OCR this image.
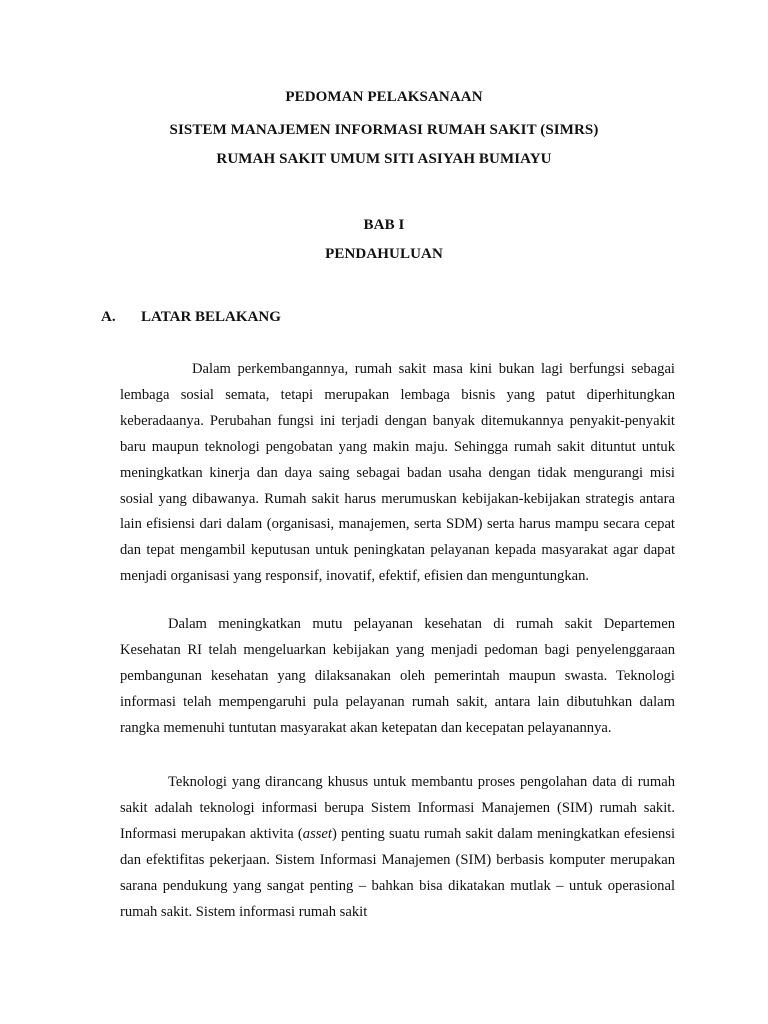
PEDOMAN PELAKSANAAN
SISTEM MANAJEMEN INFORMASI RUMAH SAKIT (SIMRS)
RUMAH SAKIT UMUM SITI ASIYAH BUMIAYU
BAB I
PENDAHULUAN
A. LATAR BELAKANG

Dalam perkembangannya, rumah sakit masa kini bukan lagi berfungsi sebagai lembaga sosial semata, tetapi merupakan lembaga bisnis yang patut diperhitungkan keberadaanya. Perubahan fungsi ini terjadi dengan banyak ditemukannya penyakit-penyakit baru maupun teknologi pengobatan yang makin maju. Sehingga rumah sakit dituntut untuk meningkatkan kinerja dan daya saing sebagai badan usaha dengan tidak mengurangi misi sosial yang dibawanya. Rumah sakit harus merumuskan kebijakan-kebijakan strategis antara lain efisiensi dari dalam (organisasi, manajemen, serta SDM) serta harus mampu secara cepat dan tepat mengambil keputusan untuk peningkatan pelayanan kepada masyarakat agar dapat menjadi organisasi yang responsif, inovatif, efektif, efisien dan menguntungkan.

Dalam meningkatkan mutu pelayanan kesehatan di rumah sakit Departemen Kesehatan RI telah mengeluarkan kebijakan yang menjadi pedoman bagi penyelenggaraan pembangunan kesehatan yang dilaksanakan oleh pemerintah maupun swasta. Teknologi informasi telah mempengaruhi pula pelayanan rumah sakit, antara lain dibutuhkan dalam rangka memenuhi tuntutan masyarakat akan ketepatan dan kecepatan pelayanannya.

Teknologi yang dirancang khusus untuk membantu proses pengolahan data di rumah sakit adalah teknologi informasi berupa Sistem Informasi Manajemen (SIM) rumah sakit. Informasi merupakan aktivita (asset) penting suatu rumah sakit dalam meningkatkan efesiensi dan efektifitas pekerjaan. Sistem Informasi Manajemen (SIM) berbasis komputer merupakan sarana pendukung yang sangat penting – bahkan bisa dikatakan mutlak – untuk operasional rumah sakit. Sistem informasi rumah sakit
